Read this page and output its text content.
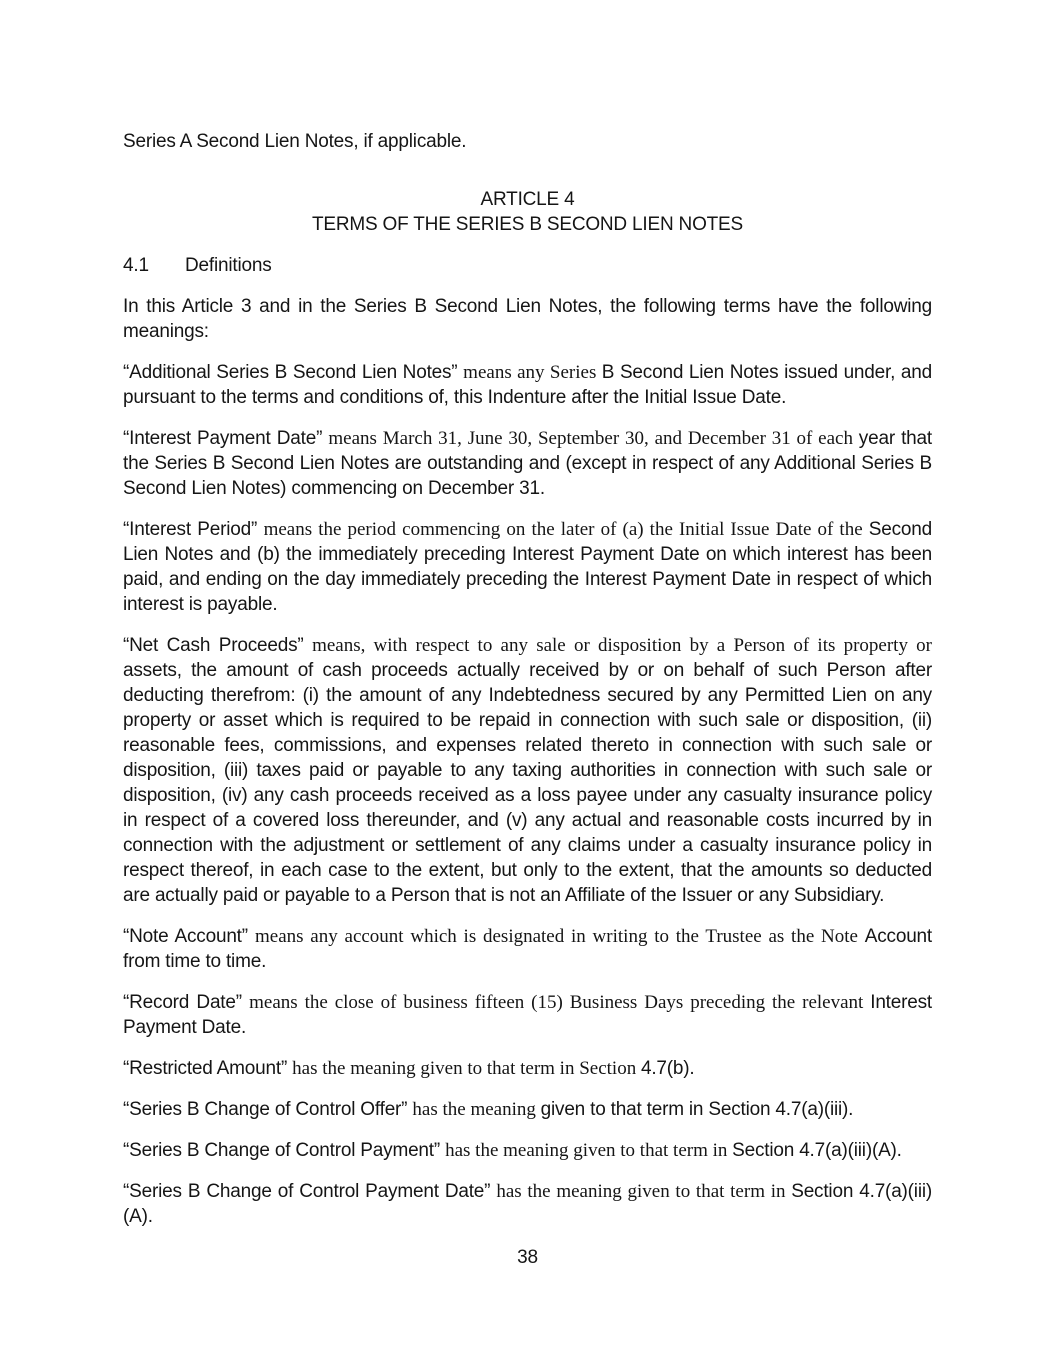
Series A Second Lien Notes, if applicable.

ARTICLE 4
TERMS OF THE SERIES B SECOND LIEN NOTES
4.1 Definitions

In this Article 3 and in the Series B Second Lien Notes, the following terms have the following meanings:

“Additional Series B Second Lien Notes” means any Series B Second Lien Notes issued under, and pursuant to the terms and conditions of, this Indenture after the Initial Issue Date.

“Interest Payment Date” means March 31, June 30, September 30, and December 31 of each year that the Series B Second Lien Notes are outstanding and (except in respect of any Additional Series B Second Lien Notes) commencing on December 31.

“Interest Period” means the period commencing on the later of (a) the Initial Issue Date of the Second Lien Notes and (b) the immediately preceding Interest Payment Date on which interest has been paid, and ending on the day immediately preceding the Interest Payment Date in respect of which interest is payable.

“Net Cash Proceeds” means, with respect to any sale or disposition by a Person of its property or assets, the amount of cash proceeds actually received by or on behalf of such Person after deducting therefrom: (i) the amount of any Indebtedness secured by any Permitted Lien on any property or asset which is required to be repaid in connection with such sale or disposition, (ii) reasonable fees, commissions, and expenses related thereto in connection with such sale or disposition, (iii) taxes paid or payable to any taxing authorities in connection with such sale or disposition, (iv) any cash proceeds received as a loss payee under any casualty insurance policy in respect of a covered loss thereunder, and (v) any actual and reasonable costs incurred by in connection with the adjustment or settlement of any claims under a casualty insurance policy in respect thereof, in each case to the extent, but only to the extent, that the amounts so deducted are actually paid or payable to a Person that is not an Affiliate of the Issuer or any Subsidiary.

“Note Account” means any account which is designated in writing to the Trustee as the Note Account from time to time.

“Record Date” means the close of business fifteen (15) Business Days preceding the relevant Interest Payment Date.

“Restricted Amount” has the meaning given to that term in Section 4.7(b).

“Series B Change of Control Offer” has the meaning given to that term in Section 4.7(a)(iii).

“Series B Change of Control Payment” has the meaning given to that term in Section 4.7(a)(iii)(A).

“Series B Change of Control Payment Date” has the meaning given to that term in Section 4.7(a)(iii)(A).

38
